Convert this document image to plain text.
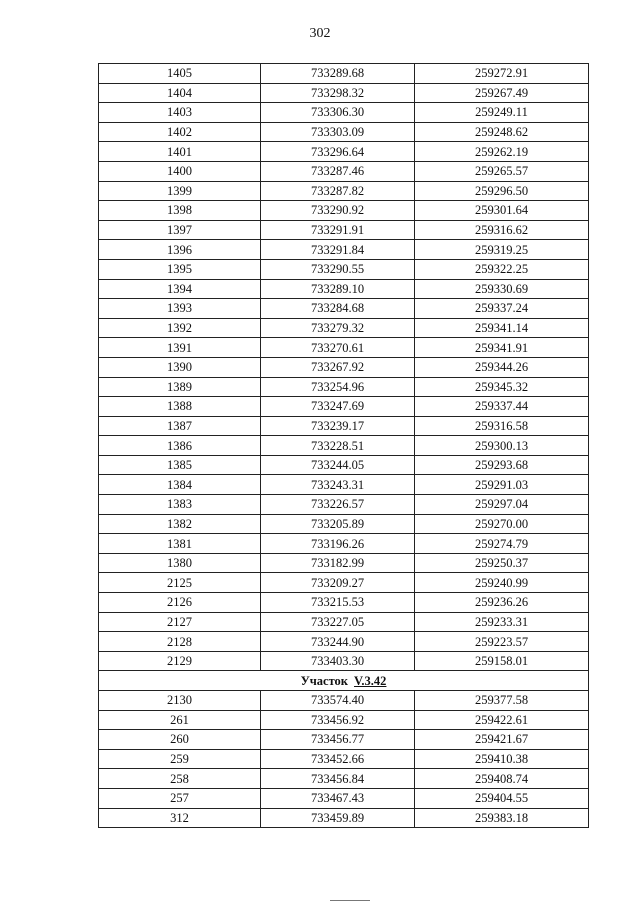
302
1405	733289.68	259272.91
1404	733298.32	259267.49
1403	733306.30	259249.11
1402	733303.09	259248.62
1401	733296.64	259262.19
1400	733287.46	259265.57
1399	733287.82	259296.50
1398	733290.92	259301.64
1397	733291.91	259316.62
1396	733291.84	259319.25
1395	733290.55	259322.25
1394	733289.10	259330.69
1393	733284.68	259337.24
1392	733279.32	259341.14
1391	733270.61	259341.91
1390	733267.92	259344.26
1389	733254.96	259345.32
1388	733247.69	259337.44
1387	733239.17	259316.58
1386	733228.51	259300.13
1385	733244.05	259293.68
1384	733243.31	259291.03
1383	733226.57	259297.04
1382	733205.89	259270.00
1381	733196.26	259274.79
1380	733182.99	259250.37
2125	733209.27	259240.99
2126	733215.53	259236.26
2127	733227.05	259233.31
2128	733244.90	259223.57
2129	733403.30	259158.01
Участок V.3.42		
2130	733574.40	259377.58
261	733456.92	259422.61
260	733456.77	259421.67
259	733452.66	259410.38
258	733456.84	259408.74
257	733467.43	259404.55
312	733459.89	259383.18
